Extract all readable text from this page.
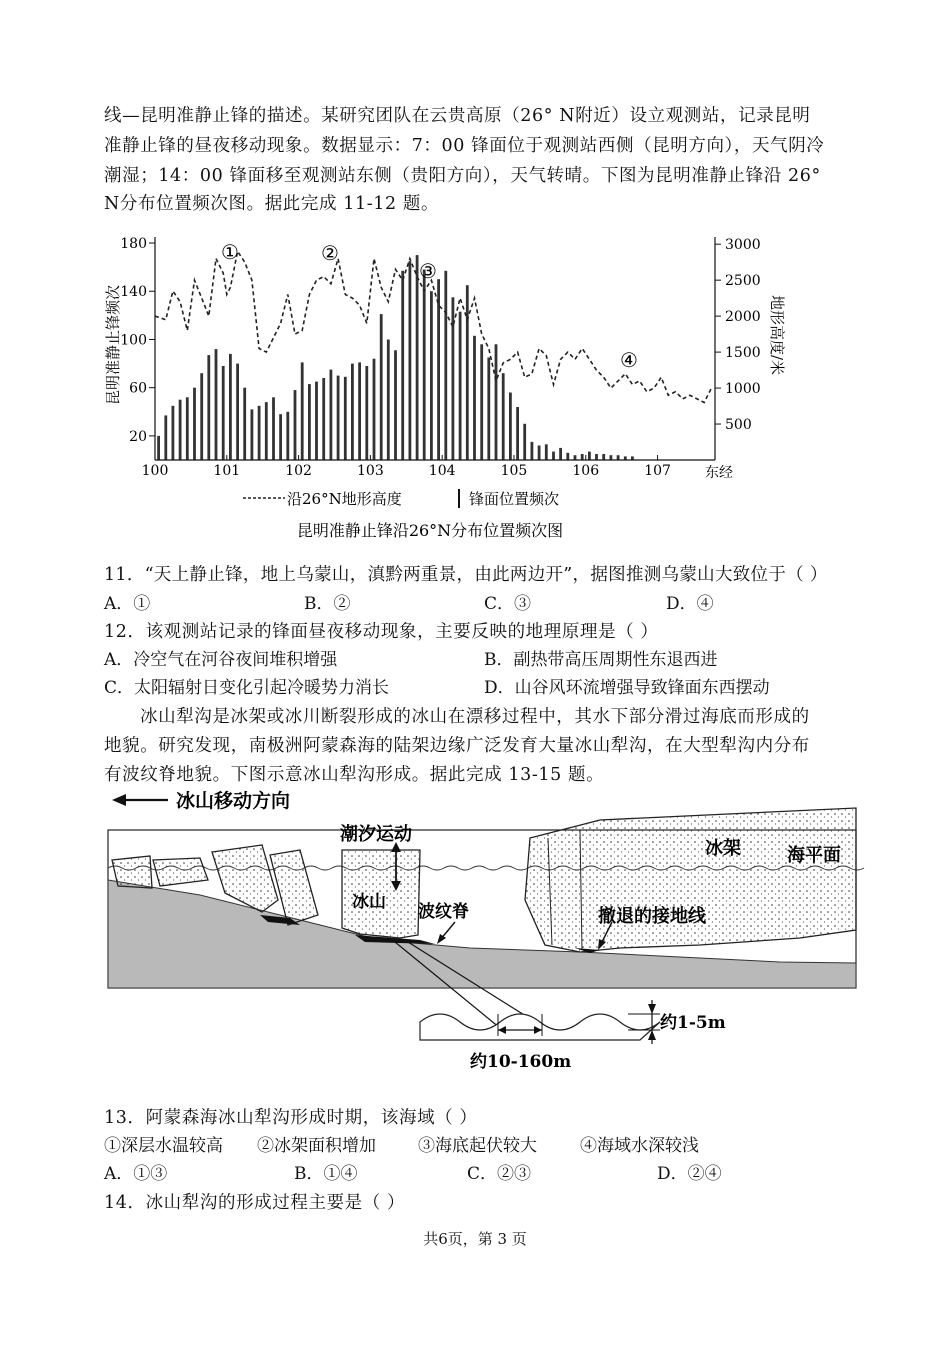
线—昆明准静止锋的描述。某研究团队在云贵高原（26° N附近）设立观测站，记录昆明
准静止锋的昼夜移动现象。数据显示：7：00 锋面位于观测站西侧（昆明方向），天气阴冷
潮湿；14：00 锋面移至观测站东侧（贵阳方向），天气转晴。下图为昆明准静止锋沿 26°
N分布位置频次图。据此完成 11-12 题。
100	101	102	103	104	105	106	107
20
60
100
140
180
500
1000
1500
2000
2500
3000
昆明准静止锋频次	地形高度/米
东经
①	②
③
④
沿26°N地形高度	锋面位置频次
昆明准静止锋沿26°N分布位置频次图
11．“天上静止锋，地上乌蒙山，滇黔两重景，由此两边开”，据图推测乌蒙山大致位于（ ）
A．①	B．②	C．③	D．④
12．该观测站记录的锋面昼夜移动现象，主要反映的地理原理是（ ）
A．冷空气在河谷夜间堆积增强	B．副热带高压周期性东退西进
C．太阳辐射日变化引起冷暖势力消长	D．山谷风环流增强导致锋面东西摆动
冰山犁沟是冰架或冰川断裂形成的冰山在漂移过程中，其水下部分滑过海底而形成的
地貌。研究发现，南极洲阿蒙森海的陆架边缘广泛发育大量冰山犁沟，在大型犁沟内分布
有波纹脊地貌。下图示意冰山犁沟形成。据此完成 13-15 题。
冰山移动方向
潮汐运动
冰山 波纹脊
冰架	海平面
撤退的接地线
约1-5m
约10-160m
13．阿蒙森海冰山犁沟形成时期，该海域（ ）
①深层水温较高 ②冰架面积增加 ③海底起伏较大	④海域水深较浅
A．①③	B．①④	C．②③	D．②④
14．冰山犁沟的形成过程主要是（ ）
共6页，第 3 页
